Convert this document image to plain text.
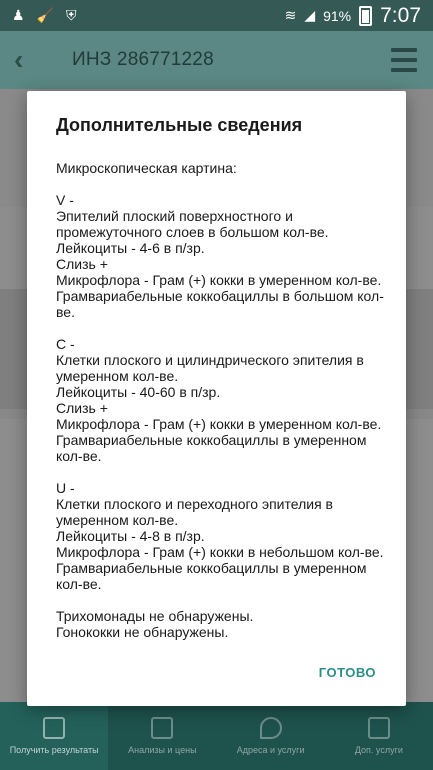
♟ 🧹 ⛨	≋ ◢ 91% 7:07
‹	ИНЗ 286771228
Получить результаты	Анализы и цены	Адреса и услуги	Доп. услуги
Дополнительные сведения
Микроскопическая картина:

V -
Эпителий плоский поверхностного и промежуточного слоев в большом кол-ве.
Лейкоциты - 4-6 в п/зр.
Слизь +
Микрофлора - Грам (+) кокки в умеренном кол-ве. Грамвариабельные коккобациллы в большом кол-ве.

C -
Клетки плоского и цилиндрического эпителия в умеренном кол-ве.
Лейкоциты - 40-60 в п/зр.
Слизь +
Микрофлора - Грам (+) кокки в умеренном кол-ве. Грамвариабельные коккобациллы в умеренном кол-ве.

U -
Клетки плоского и переходного эпителия в умеренном кол-ве.
Лейкоциты - 4-8 в п/зр.
Микрофлора - Грам (+) кокки в небольшом кол-ве. Грамвариабельные коккобациллы в умеренном кол-ве.

Трихомонады не обнаружены.
Гонококки не обнаружены.
ГОТОВО
